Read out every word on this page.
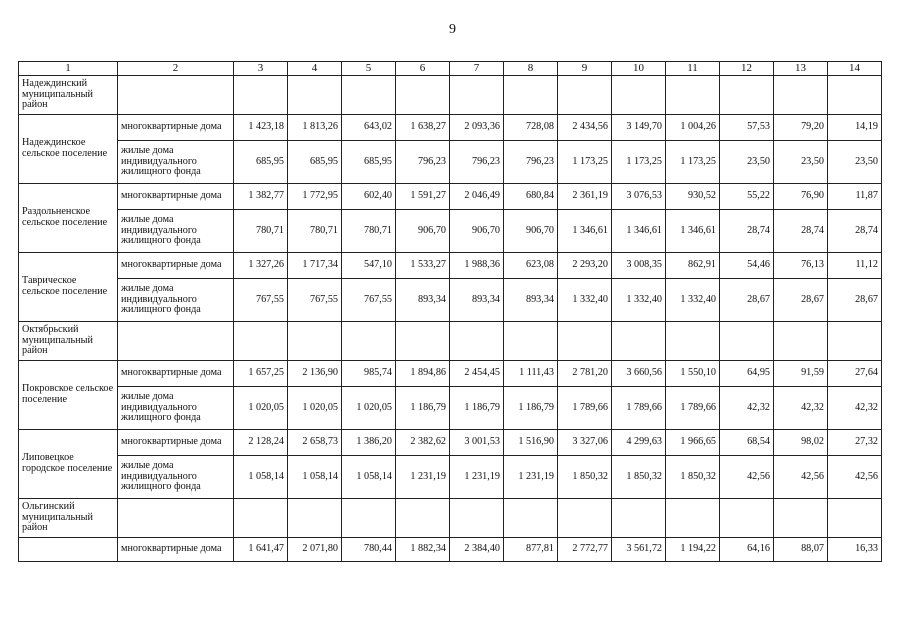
9
1	2	3	4	5	6	7	8	9	10	11	12	13	14
Надеждинский муниципальный район													
Надеждинское сельское поселение	многоквартирные дома	1 423,18	1 813,26	643,02	1 638,27	2 093,36	728,08	2 434,56	3 149,70	1 004,26	57,53	79,20	14,19
	жилые дома индивидуального жилищного фонда	685,95	685,95	685,95	796,23	796,23	796,23	1 173,25	1 173,25	1 173,25	23,50	23,50	23,50
Раздольненское сельское поселение	многоквартирные дома	1 382,77	1 772,95	602,40	1 591,27	2 046,49	680,84	2 361,19	3 076,53	930,52	55,22	76,90	11,87
	жилые дома индивидуального жилищного фонда	780,71	780,71	780,71	906,70	906,70	906,70	1 346,61	1 346,61	1 346,61	28,74	28,74	28,74
Таврическое сельское поселение	многоквартирные дома	1 327,26	1 717,34	547,10	1 533,27	1 988,36	623,08	2 293,20	3 008,35	862,91	54,46	76,13	11,12
	жилые дома индивидуального жилищного фонда	767,55	767,55	767,55	893,34	893,34	893,34	1 332,40	1 332,40	1 332,40	28,67	28,67	28,67
Октябрьский муниципальный район													
Покровское сельское поселение	многоквартирные дома	1 657,25	2 136,90	985,74	1 894,86	2 454,45	1 111,43	2 781,20	3 660,56	1 550,10	64,95	91,59	27,64
	жилые дома индивидуального жилищного фонда	1 020,05	1 020,05	1 020,05	1 186,79	1 186,79	1 186,79	1 789,66	1 789,66	1 789,66	42,32	42,32	42,32
Липовецкое городское поселение	многоквартирные дома	2 128,24	2 658,73	1 386,20	2 382,62	3 001,53	1 516,90	3 327,06	4 299,63	1 966,65	68,54	98,02	27,32
	жилые дома индивидуального жилищного фонда	1 058,14	1 058,14	1 058,14	1 231,19	1 231,19	1 231,19	1 850,32	1 850,32	1 850,32	42,56	42,56	42,56
Ольгинский муниципальный район													
	многоквартирные дома	1 641,47	2 071,80	780,44	1 882,34	2 384,40	877,81	2 772,77	3 561,72	1 194,22	64,16	88,07	16,33
